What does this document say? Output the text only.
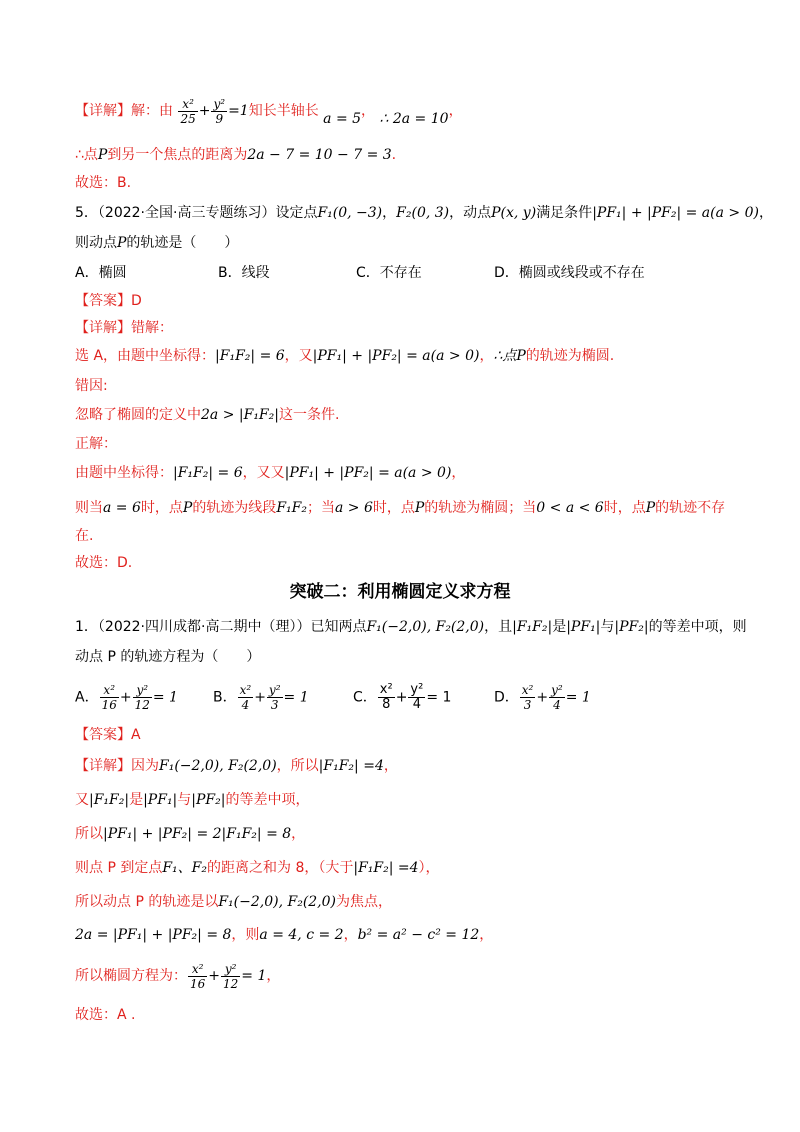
【详解】解：由 $\frac{\text{x²}}{25} + \frac{\text{y²}}{9} =1$知长半轴长 a = 5， ∴ 2a = 10，
∴点P到另一个焦点的距离为2a − 7 = 10 − 7 = 3.
故选：B.
5．（2022·全国·高三专题练习）设定点F₁(0, −3)，F₂(0, 3)，动点P(x, y)满足条件|PF₁| + |PF₂| = a(a > 0)，
则动点P的轨迹是（　　）
A．椭圆	B．线段	C．不存在	D．椭圆或线段或不存在
【答案】D
【详解】错解：
选 A，由题中坐标得：|F₁F₂| = 6，又|PF₁| + |PF₂| = a(a > 0)，∴点P的轨迹为椭圆.
错因:
忽略了椭圆的定义中2a > |F₁F₂|这一条件.
正解：
由题中坐标得：|F₁F₂| = 6，又又|PF₁| + |PF₂| = a(a > 0)，
则当a = 6时，点P的轨迹为线段F₁F₂；当a > 6时，点P的轨迹为椭圆；当0 < a < 6时，点P的轨迹不存
在.
故选：D.
突破二：利用椭圆定义求方程
1．（2022·四川成都·高二期中（理））已知两点F₁(−2,0), F₂(2,0)，且|F₁F₂|是|PF₁|与|PF₂|的等差中项，则
动点 P 的轨迹方程为（　　）
A． $\frac{\text{x²}}{16} + \frac{\text{y²}}{12} = 1$	B． $\frac{\text{x²}}{4} + \frac{\text{y²}}{3} = 1$	C． $\frac{\text{x²}}{8} + \frac{\text{y²}}{4} = 1$	D． $\frac{\text{x²}}{3} + \frac{\text{y²}}{4} = 1$
【答案】A
【详解】因为F₁(−2,0), F₂(2,0)，所以|F₁F₂| =4，
又|F₁F₂|是|PF₁|与|PF₂|的等差中项，
所以|PF₁| + |PF₂| = 2|F₁F₂| = 8，
则点 P 到定点F₁、F₂的距离之和为 8，（大于|F₁F₂| =4），
所以动点 P 的轨迹是以F₁(−2,0), F₂(2,0)为焦点，
2a = |PF₁| + |PF₂| = 8，则a = 4, c = 2，b² = a² − c² = 12，
所以椭圆方程为： $\frac{\text{x²}}{16} + \frac{\text{y²}}{12} = 1$，
故选：A .
